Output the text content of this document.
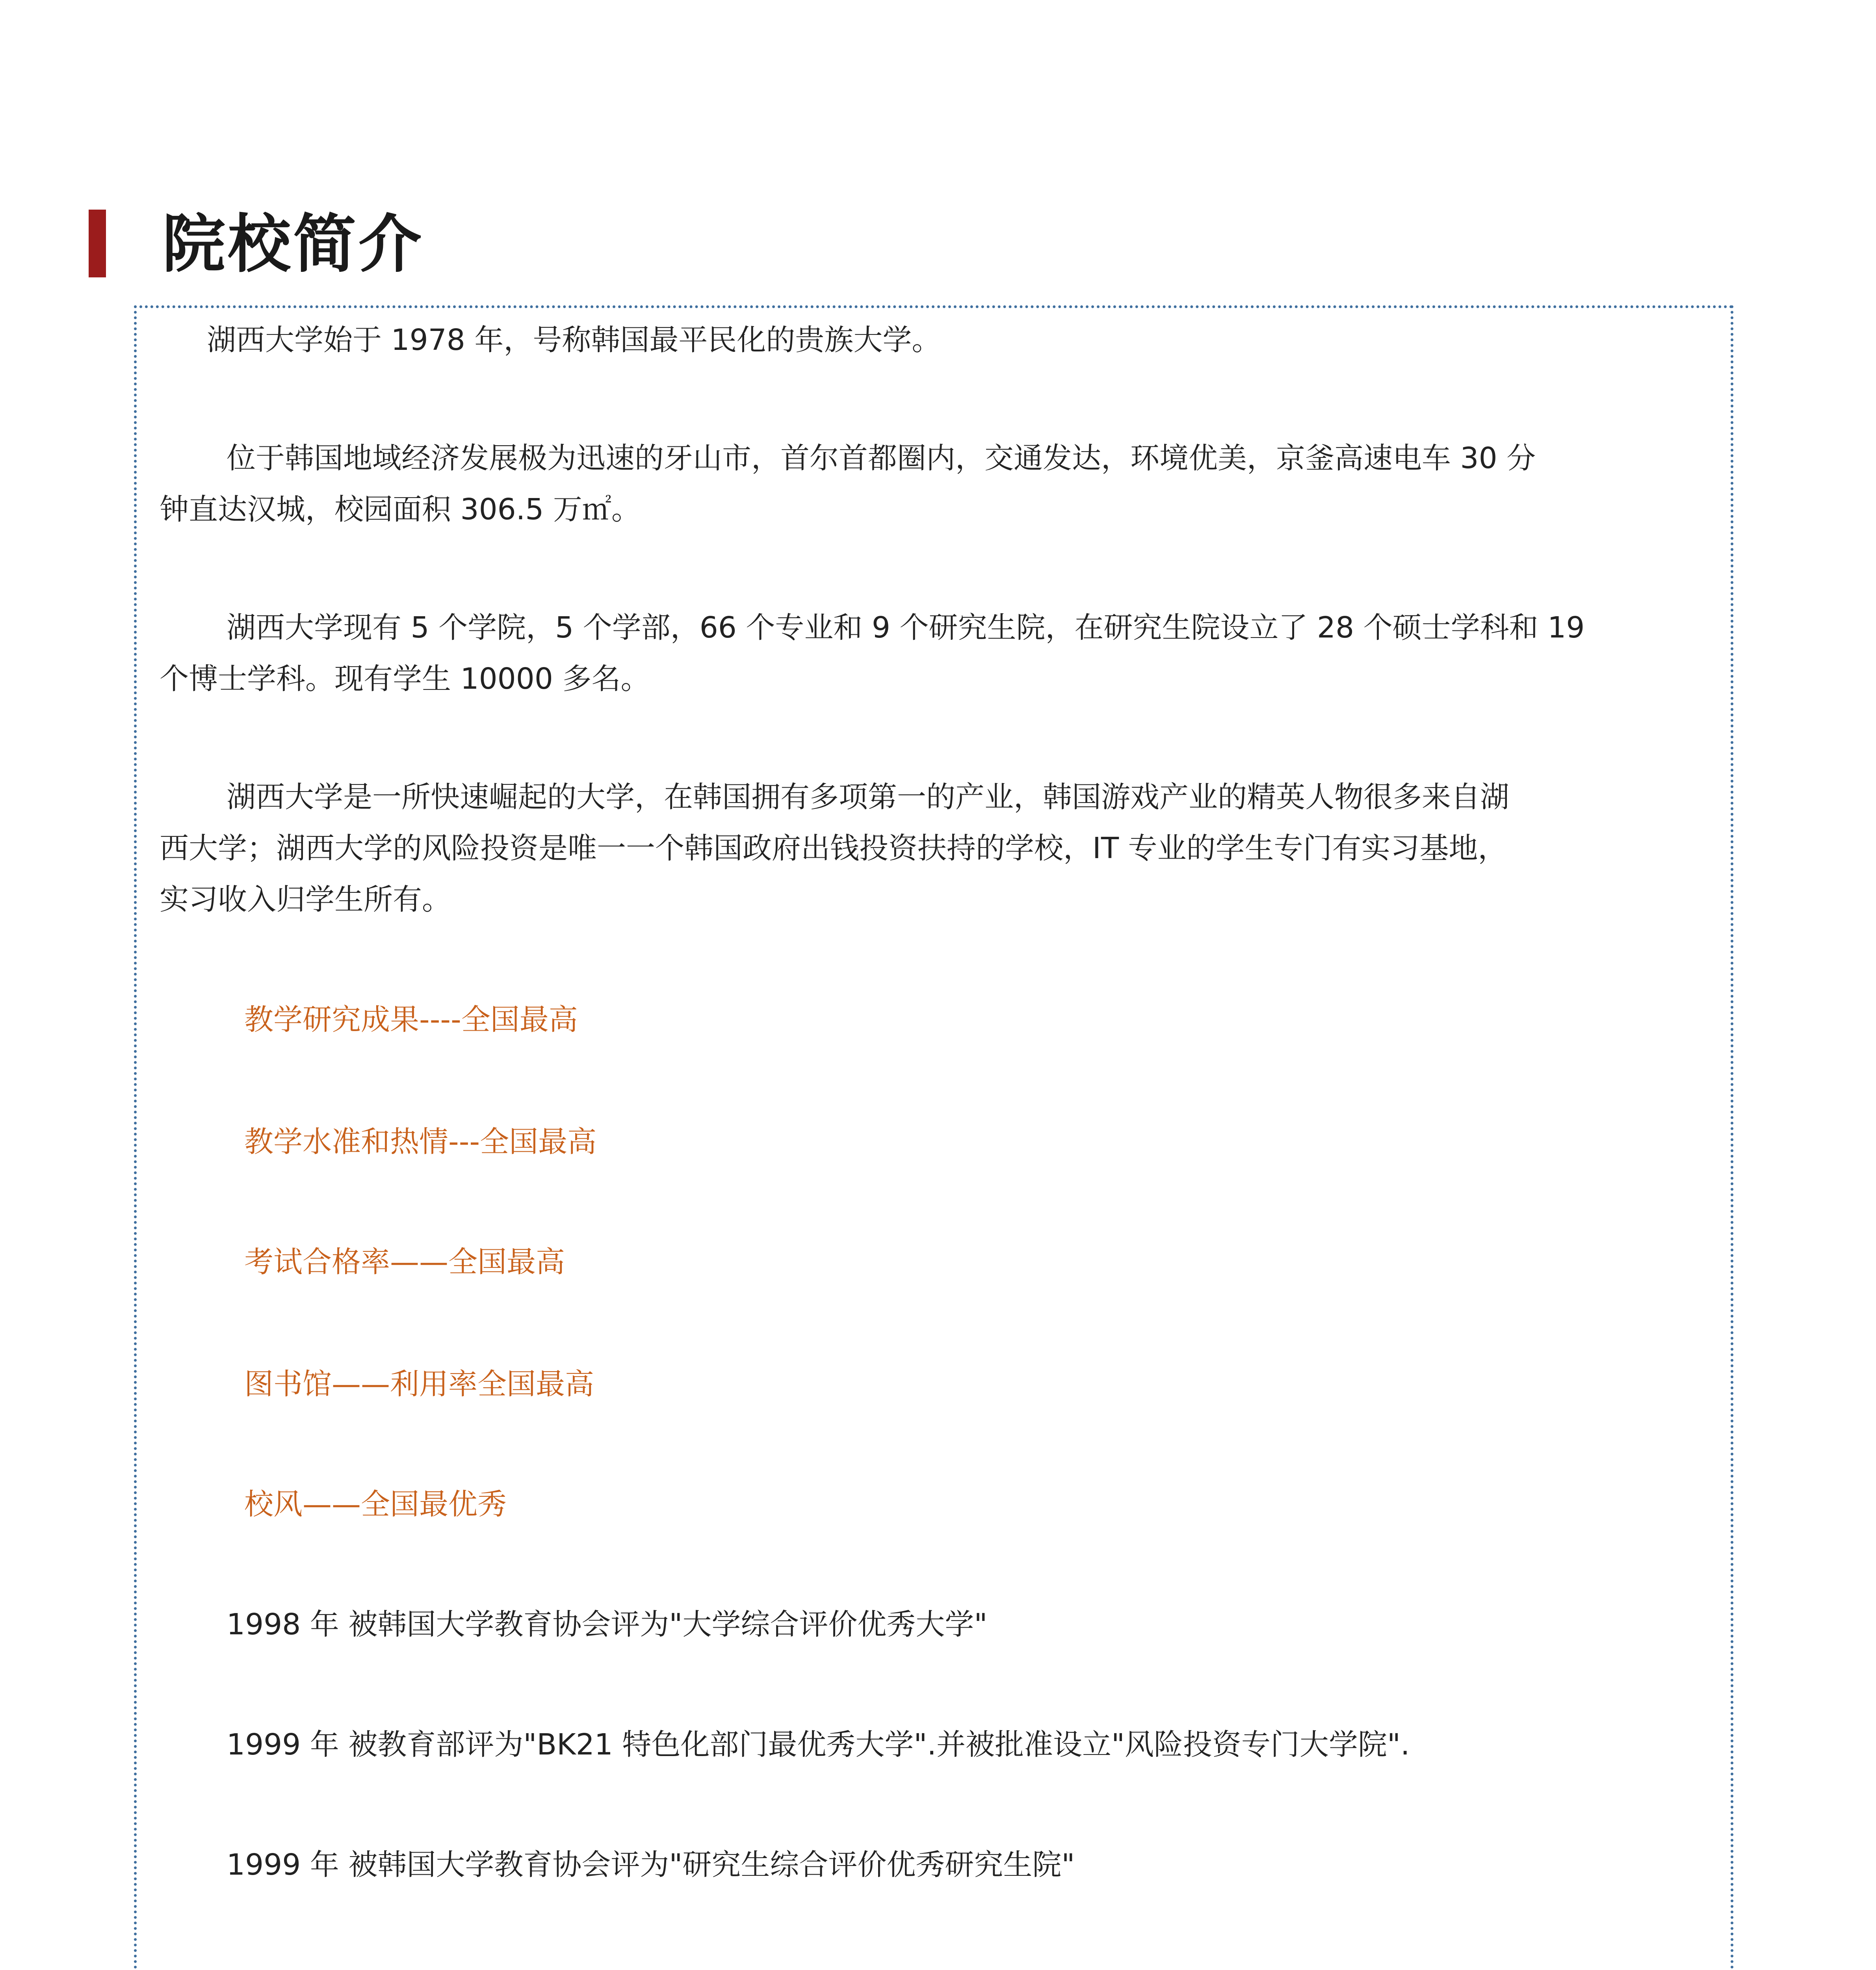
院校简介

湖西大学始于 1978 年，号称韩国最平民化的贵族大学。

位于韩国地域经济发展极为迅速的牙山市，首尔首都圈内，交通发达，环境优美，京釜高速电车 30 分

钟直达汉城，校园面积 306.5 万㎡。

湖西大学现有 5 个学院，5 个学部，66 个专业和 9 个研究生院，在研究生院设立了 28 个硕士学科和 19

个博士学科。现有学生 10000 多名。

湖西大学是一所快速崛起的大学，在韩国拥有多项第一的产业，韩国游戏产业的精英人物很多来自湖

西大学；湖西大学的风险投资是唯一一个韩国政府出钱投资扶持的学校，IT 专业的学生专门有实习基地，

实习收入归学生所有。

教学研究成果----全国最高

教学水准和热情---全国最高

考试合格率——全国最高

图书馆——利用率全国最高

校风——全国最优秀

1998 年 被韩国大学教育协会评为"大学综合评价优秀大学"

1999 年 被教育部评为"BK21 特色化部门最优秀大学".并被批准设立"风险投资专门大学院".

1999 年 被韩国大学教育协会评为"研究生综合评价优秀研究生院"
